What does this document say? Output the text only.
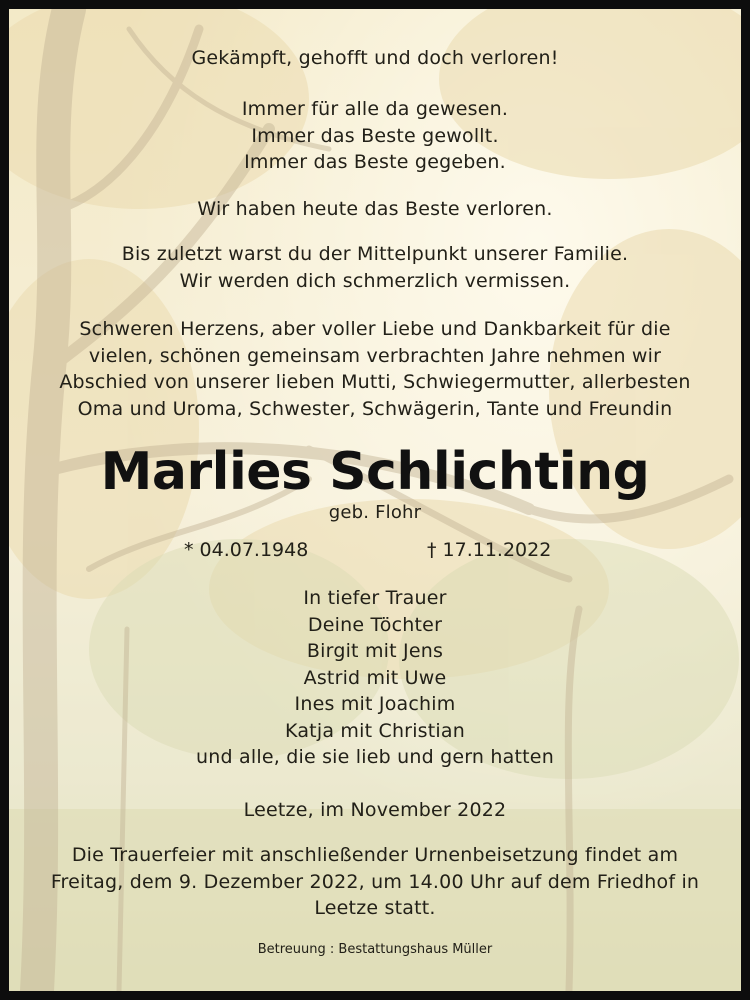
Gekämpft, gehofft und doch verloren!

Immer für alle da gewesen.
Immer das Beste gewollt.
Immer das Beste gegeben.

Wir haben heute das Beste verloren.

Bis zuletzt warst du der Mittelpunkt unserer Familie.
Wir werden dich schmerzlich vermissen.

Schweren Herzens, aber voller Liebe und Dankbarkeit für die
vielen, schönen gemeinsam verbrachten Jahre nehmen wir
Abschied von unserer lieben Mutti, Schwiegermutter, allerbesten
Oma und Uroma, Schwester, Schwägerin, Tante und Freundin

Marlies Schlichting

geb. Flohr

* 04.07.1948	† 17.11.2022

In tiefer Trauer
Deine Töchter
Birgit mit Jens
Astrid mit Uwe
Ines mit Joachim
Katja mit Christian
und alle, die sie lieb und gern hatten

Leetze, im November 2022

Die Trauerfeier mit anschließender Urnenbeisetzung findet am
Freitag, dem 9. Dezember 2022, um 14.00 Uhr auf dem Friedhof in
Leetze statt.

Betreuung : Bestattungshaus Müller
